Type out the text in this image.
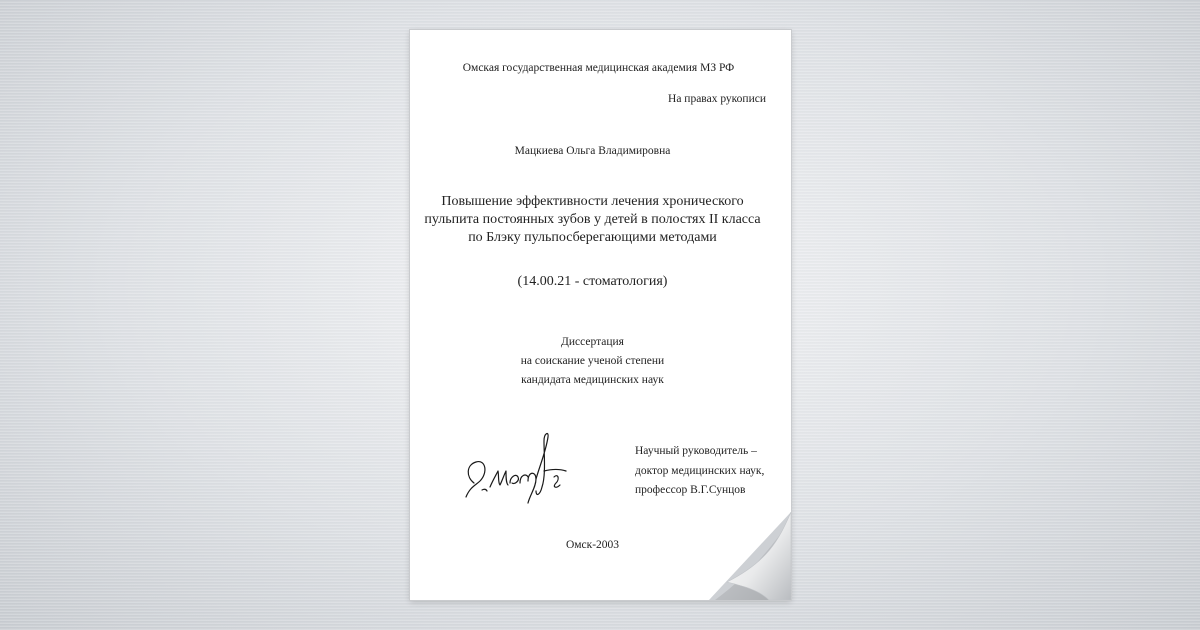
Омская государственная медицинская академия МЗ РФ
На правах рукописи
Мацкиева Ольга Владимировна
Повышение эффективности лечения хронического
пульпита постоянных зубов у детей в полостях II класса
по Блэку пульпосберегающими методами
(14.00.21 - стоматология)
Диссертация
на соискание ученой степени
кандидата медицинских наук
Научный руководитель –
доктор медицинских наук,
профессор В.Г.Сунцов
Омск-2003
